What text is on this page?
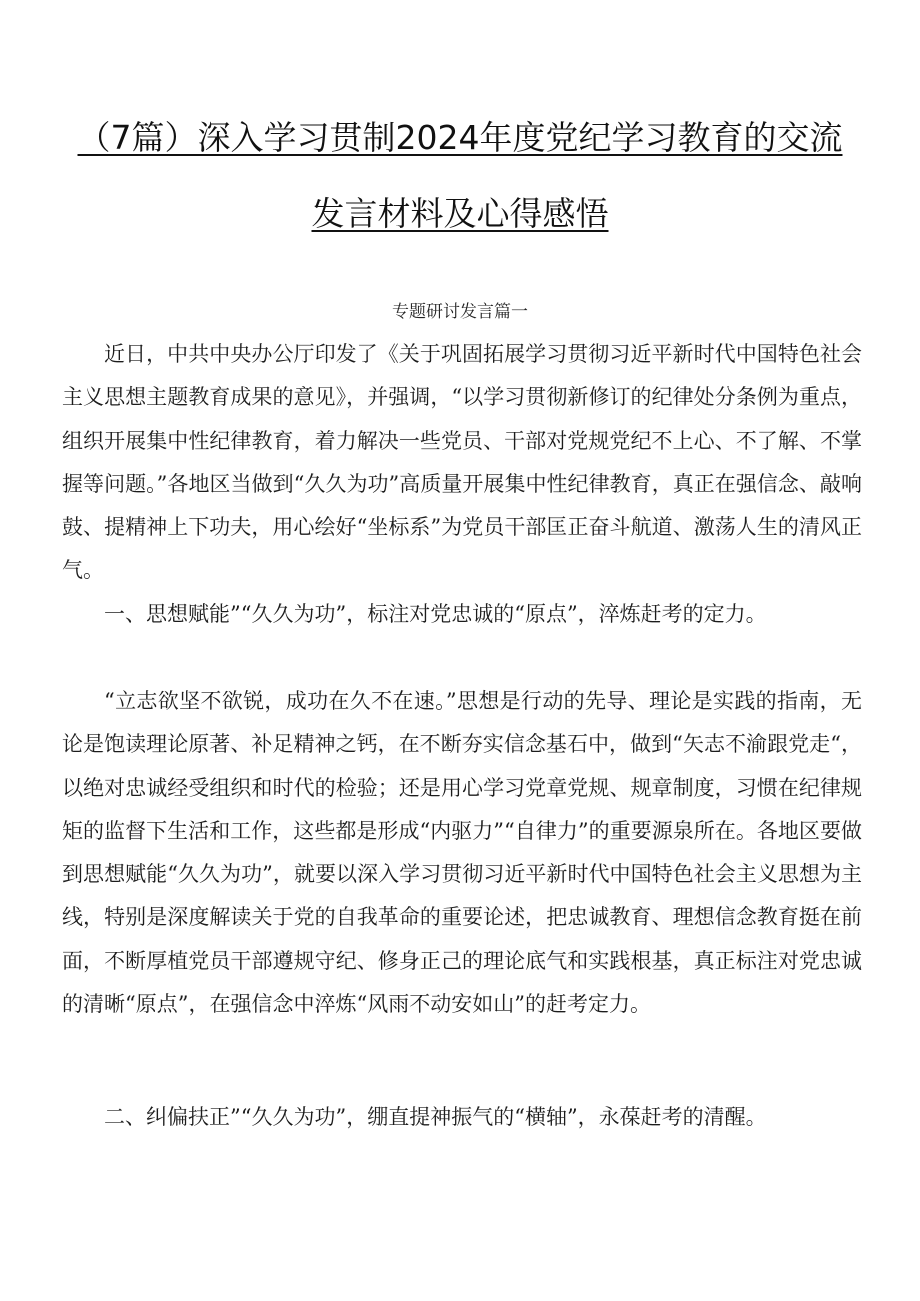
（7篇）深入学习贯制2024年度党纪学习教育的交流
发言材料及心得感悟
专题研讨发言篇一

近日，中共中央办公厅印发了《关于巩固拓展学习贯彻习近平新时代中国特色社会主义思想主题教育成果的意见》，并强调，“以学习贯彻新修订的纪律处分条例为重点，组织开展集中性纪律教育，着力解决一些党员、干部对党规党纪不上心、不了解、不掌握等问题。”各地区当做到“久久为功”高质量开展集中性纪律教育，真正在强信念、敲响鼓、提精神上下功夫，用心绘好“坐标系”为党员干部匡正奋斗航道、激荡人生的清风正气。

一、思想赋能”“久久为功”，标注对党忠诚的“原点”，淬炼赶考的定力。

“立志欲坚不欲锐，成功在久不在速。”思想是行动的先导、理论是实践的指南，无论是饱读理论原著、补足精神之钙，在不断夯实信念基石中，做到“矢志不渝跟党走“，以绝对忠诚经受组织和时代的检验；还是用心学习党章党规、规章制度，习惯在纪律规矩的监督下生活和工作，这些都是形成“内驱力”“自律力”的重要源泉所在。各地区要做到思想赋能“久久为功”，就要以深入学习贯彻习近平新时代中国特色社会主义思想为主线，特别是深度解读关于党的自我革命的重要论述，把忠诚教育、理想信念教育挺在前面，不断厚植党员干部遵规守纪、修身正己的理论底气和实践根基，真正标注对党忠诚的清晰“原点”，在强信念中淬炼“风雨不动安如山”的赶考定力。

二、纠偏扶正”“久久为功”，绷直提神振气的“横轴”，永葆赶考的清醒。
